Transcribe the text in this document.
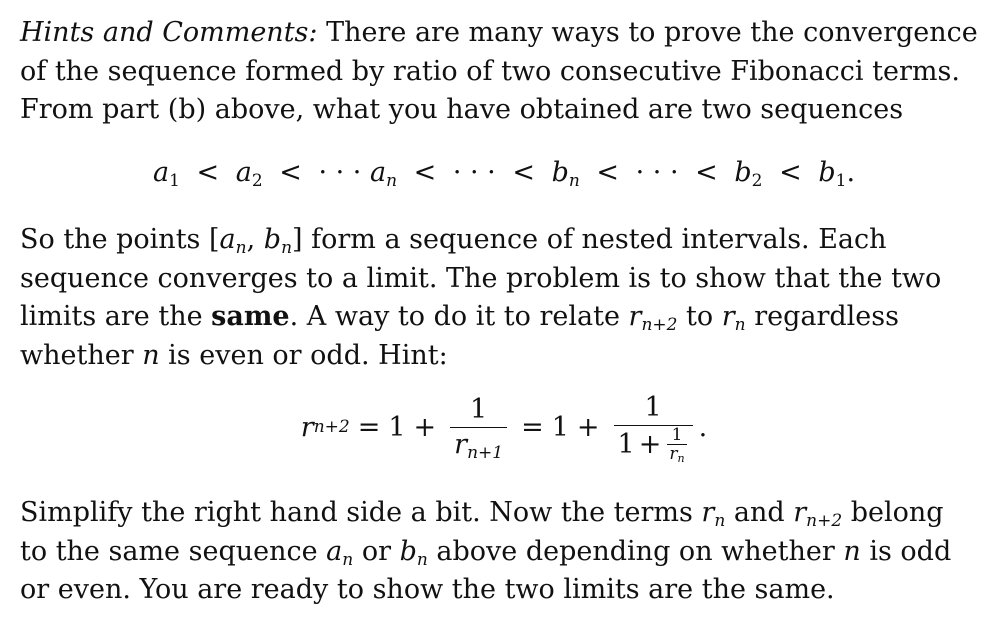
Hints and Comments: There are many ways to prove the convergence
of the sequence formed by ratio of two consecutive Fibonacci terms.
From part (b) above, what you have obtained are two sequences
$a_1 < a_2$ < · · · $a_n$ < · · · < $b_n$ < · · · < $b_2 < b_1$.
So the points [$a_n$, $b_n$] form a sequence of nested intervals. Each
sequence converges to a limit. The problem is to show that the two
limits are the same. A way to do it to relate $r_{n+2}$ to $r_n$ regardless
whether n is even or odd. Hint:
r $n+2 = 1 + \frac{1}{r_{n+1}} = 1 + \frac{1}{1 + \frac{1}{r_n}}$ .
Simplify the right hand side a bit. Now the terms $r_n$ and $r_{n+2}$ belong
to the same sequence $a_n$ or $b_n$ above depending on whether n is odd
or even. You are ready to show the two limits are the same.
